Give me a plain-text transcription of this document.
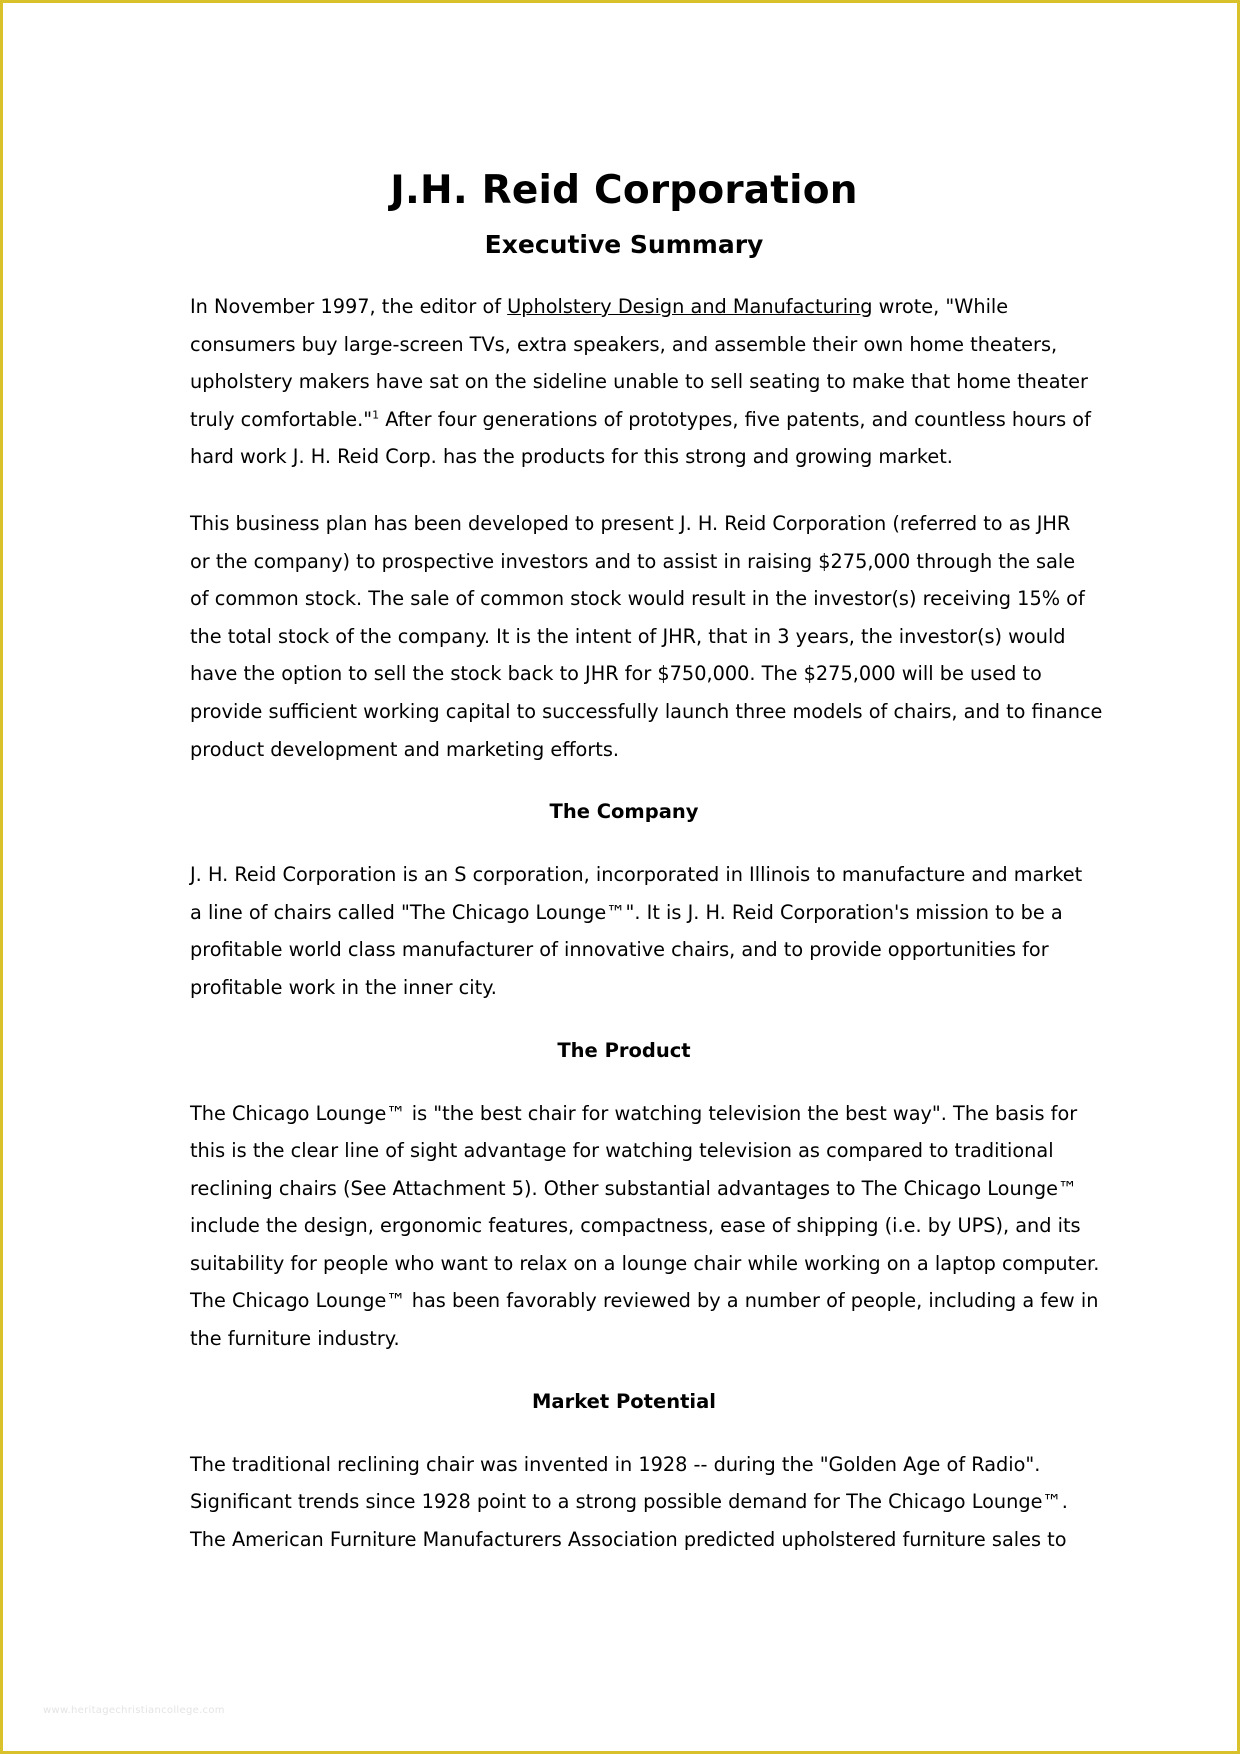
J.H. Reid Corporation
Executive Summary

In November 1997, the editor of Upholstery Design and Manufacturing wrote, "While
consumers buy large-screen TVs, extra speakers, and assemble their own home theaters,
upholstery makers have sat on the sideline unable to sell seating to make that home theater
truly comfortable."$^1$ After four generations of prototypes, five patents, and countless hours of
hard work J. H. Reid Corp. has the products for this strong and growing market.

This business plan has been developed to present J. H. Reid Corporation (referred to as JHR
or the company) to prospective investors and to assist in raising $275,000 through the sale
of common stock. The sale of common stock would result in the investor(s) receiving 15% of
the total stock of the company. It is the intent of JHR, that in 3 years, the investor(s) would
have the option to sell the stock back to JHR for $750,000. The $275,000 will be used to
provide sufficient working capital to successfully launch three models of chairs, and to finance
product development and marketing efforts.

The Company

J. H. Reid Corporation is an S corporation, incorporated in Illinois to manufacture and market
a line of chairs called "The Chicago Lounge™". It is J. H. Reid Corporation's mission to be a
profitable world class manufacturer of innovative chairs, and to provide opportunities for
profitable work in the inner city.

The Product

The Chicago Lounge™ is "the best chair for watching television the best way". The basis for
this is the clear line of sight advantage for watching television as compared to traditional
reclining chairs (See Attachment 5). Other substantial advantages to The Chicago Lounge™
include the design, ergonomic features, compactness, ease of shipping (i.e. by UPS), and its
suitability for people who want to relax on a lounge chair while working on a laptop computer.
The Chicago Lounge™ has been favorably reviewed by a number of people, including a few in
the furniture industry.

Market Potential

The traditional reclining chair was invented in 1928 -- during the "Golden Age of Radio".
Significant trends since 1928 point to a strong possible demand for The Chicago Lounge™.
The American Furniture Manufacturers Association predicted upholstered furniture sales to

www.heritagechristiancollege.com
